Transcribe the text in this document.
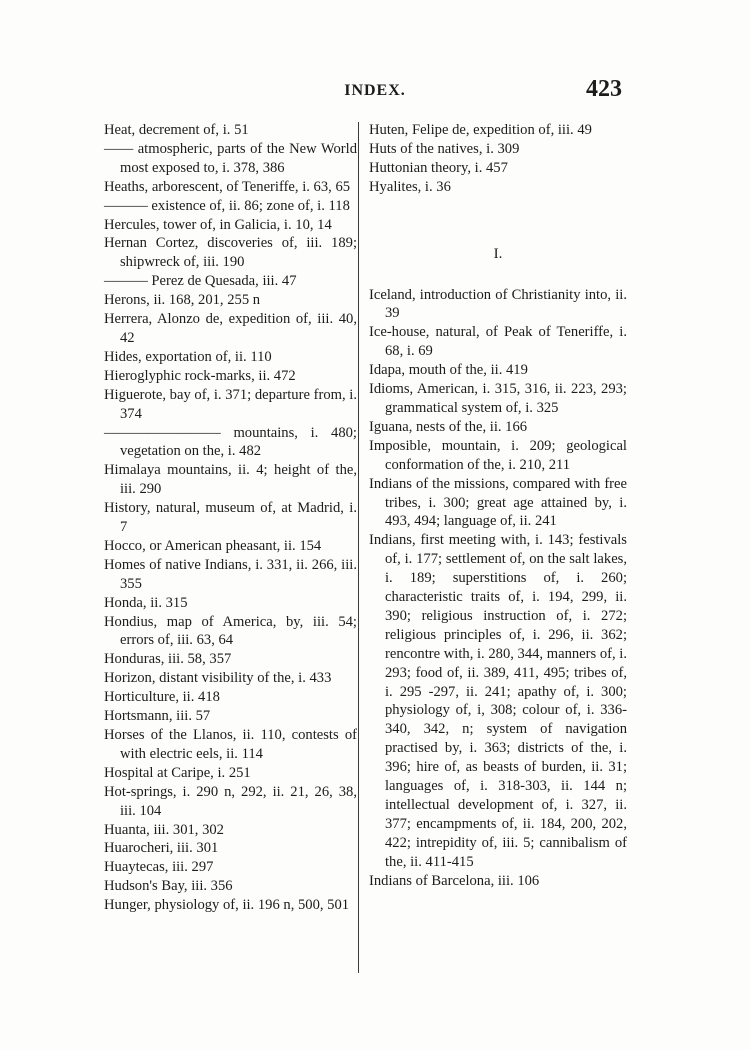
INDEX.	423

Heat, decrement of, i. 51

—— atmospheric, parts of the New World most exposed to, i. 378, 386

Heaths, arborescent, of Teneriffe, i. 63, 65

——— existence of, ii. 86; zone of, i. 118

Hercules, tower of, in Galicia, i. 10, 14

Hernan Cortez, discoveries of, iii. 189; shipwreck of, iii. 190

——— Perez de Quesada, iii. 47

Herons, ii. 168, 201, 255 n

Herrera, Alonzo de, expedition of, iii. 40, 42

Hides, exportation of, ii. 110

Hieroglyphic rock-marks, ii. 472

Higuerote, bay of, i. 371; departure from, i. 374

———————— mountains, i. 480; vegetation on the, i. 482

Himalaya mountains, ii. 4; height of the, iii. 290

History, natural, museum of, at Madrid, i. 7

Hocco, or American pheasant, ii. 154

Homes of native Indians, i. 331, ii. 266, iii. 355

Honda, ii. 315

Hondius, map of America, by, iii. 54; errors of, iii. 63, 64

Honduras, iii. 58, 357

Horizon, distant visibility of the, i. 433

Horticulture, ii. 418

Hortsmann, iii. 57

Horses of the Llanos, ii. 110, contests of with electric eels, ii. 114

Hospital at Caripe, i. 251

Hot-springs, i. 290 n, 292, ii. 21, 26, 38, iii. 104

Huanta, iii. 301, 302

Huarocheri, iii. 301

Huaytecas, iii. 297

Hudson's Bay, iii. 356

Hunger, physiology of, ii. 196 n, 500, 501

Huten, Felipe de, expedition of, iii. 49

Huts of the natives, i. 309

Huttonian theory, i. 457

Hyalites, i. 36

I.

Iceland, introduction of Christianity into, ii. 39

Ice-house, natural, of Peak of Teneriffe, i. 68, i. 69

Idapa, mouth of the, ii. 419

Idioms, American, i. 315, 316, ii. 223, 293; grammatical system of, i. 325

Iguana, nests of the, ii. 166

Imposible, mountain, i. 209; geological conformation of the, i. 210, 211

Indians of the missions, compared with free tribes, i. 300; great age attained by, i. 493, 494; language of, ii. 241

Indians, first meeting with, i. 143; festivals of, i. 177; settlement of, on the salt lakes, i. 189; superstitions of, i. 260; characteristic traits of, i. 194, 299, ii. 390; religious instruction of, i. 272; religious principles of, i. 296, ii. 362; rencontre with, i. 280, 344, manners of, i. 293; food of, ii. 389, 411, 495; tribes of, i. 295 -297, ii. 241; apathy of, i. 300; physiology of, i, 308; colour of, i. 336-340, 342, n; system of navigation practised by, i. 363; districts of the, i. 396; hire of, as beasts of burden, ii. 31; languages of, i. 318-303, ii. 144 n; intellectual development of, i. 327, ii. 377; encampments of, ii. 184, 200, 202, 422; intrepidity of, iii. 5; cannibalism of the, ii. 411-415

Indians of Barcelona, iii. 106
